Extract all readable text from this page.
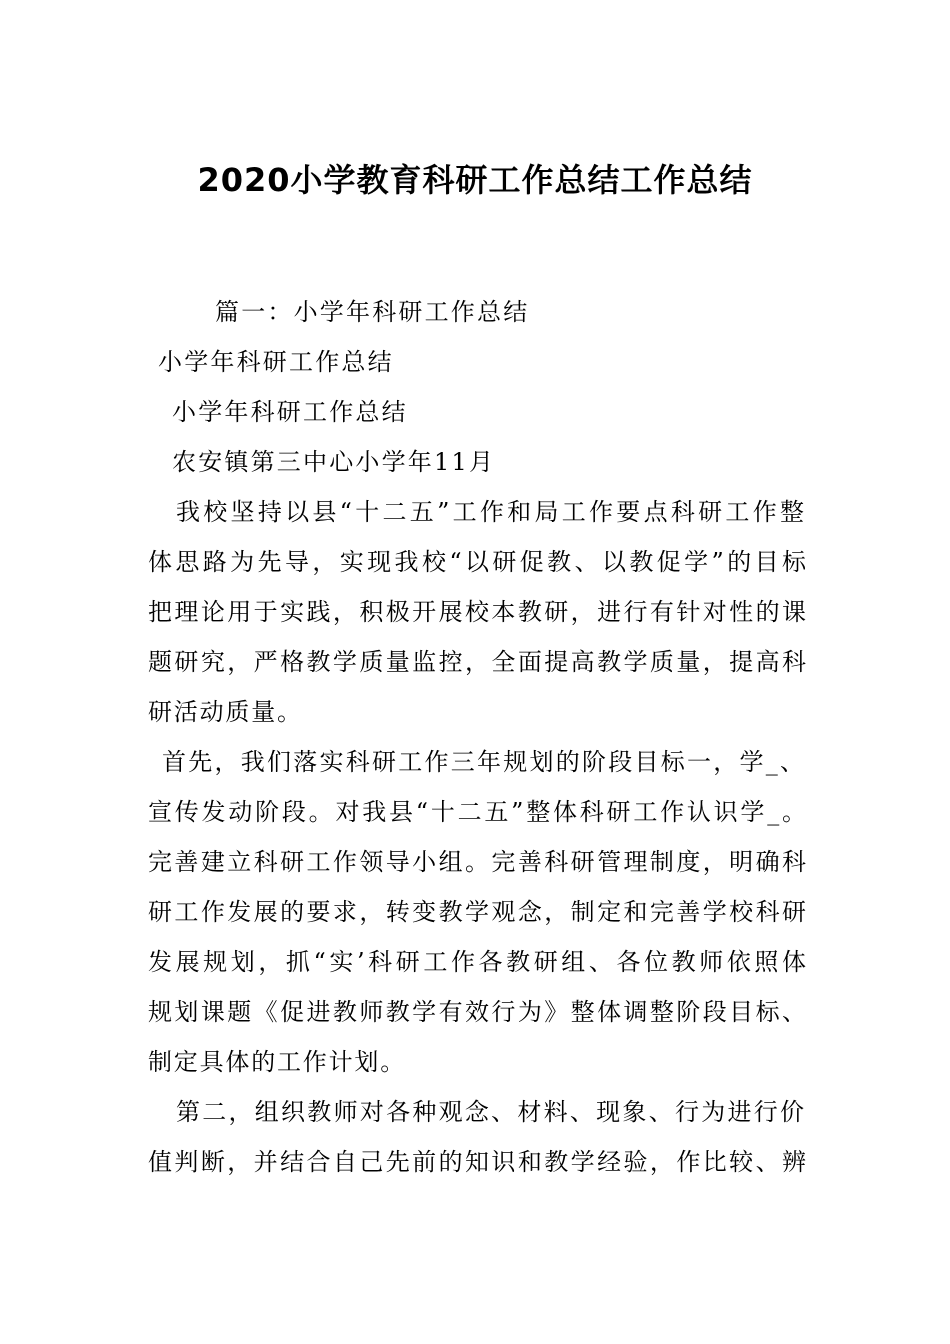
2020小学教育科研工作总结工作总结

篇一：小学年科研工作总结

小学年科研工作总结

小学年科研工作总结

农安镇第三中心小学年11月

我校坚持以县“十二五”工作和局工作要点科研工作整

体思路为先导，实现我校“以研促教、以教促学”的目标

把理论用于实践，积极开展校本教研，进行有针对性的课

题研究，严格教学质量监控，全面提高教学质量，提高科

研活动质量。

首先，我们落实科研工作三年规划的阶段目标一，学_、

宣传发动阶段。对我县“十二五”整体科研工作认识学_。

完善建立科研工作领导小组。完善科研管理制度，明确科

研工作发展的要求，转变教学观念，制定和完善学校科研

发展规划，抓“实’科研工作各教研组、各位教师依照体

规划课题《促进教师教学有效行为》整体调整阶段目标、

制定具体的工作计划。

第二，组织教师对各种观念、材料、现象、行为进行价

值判断，并结合自己先前的知识和教学经验，作比较、辨
